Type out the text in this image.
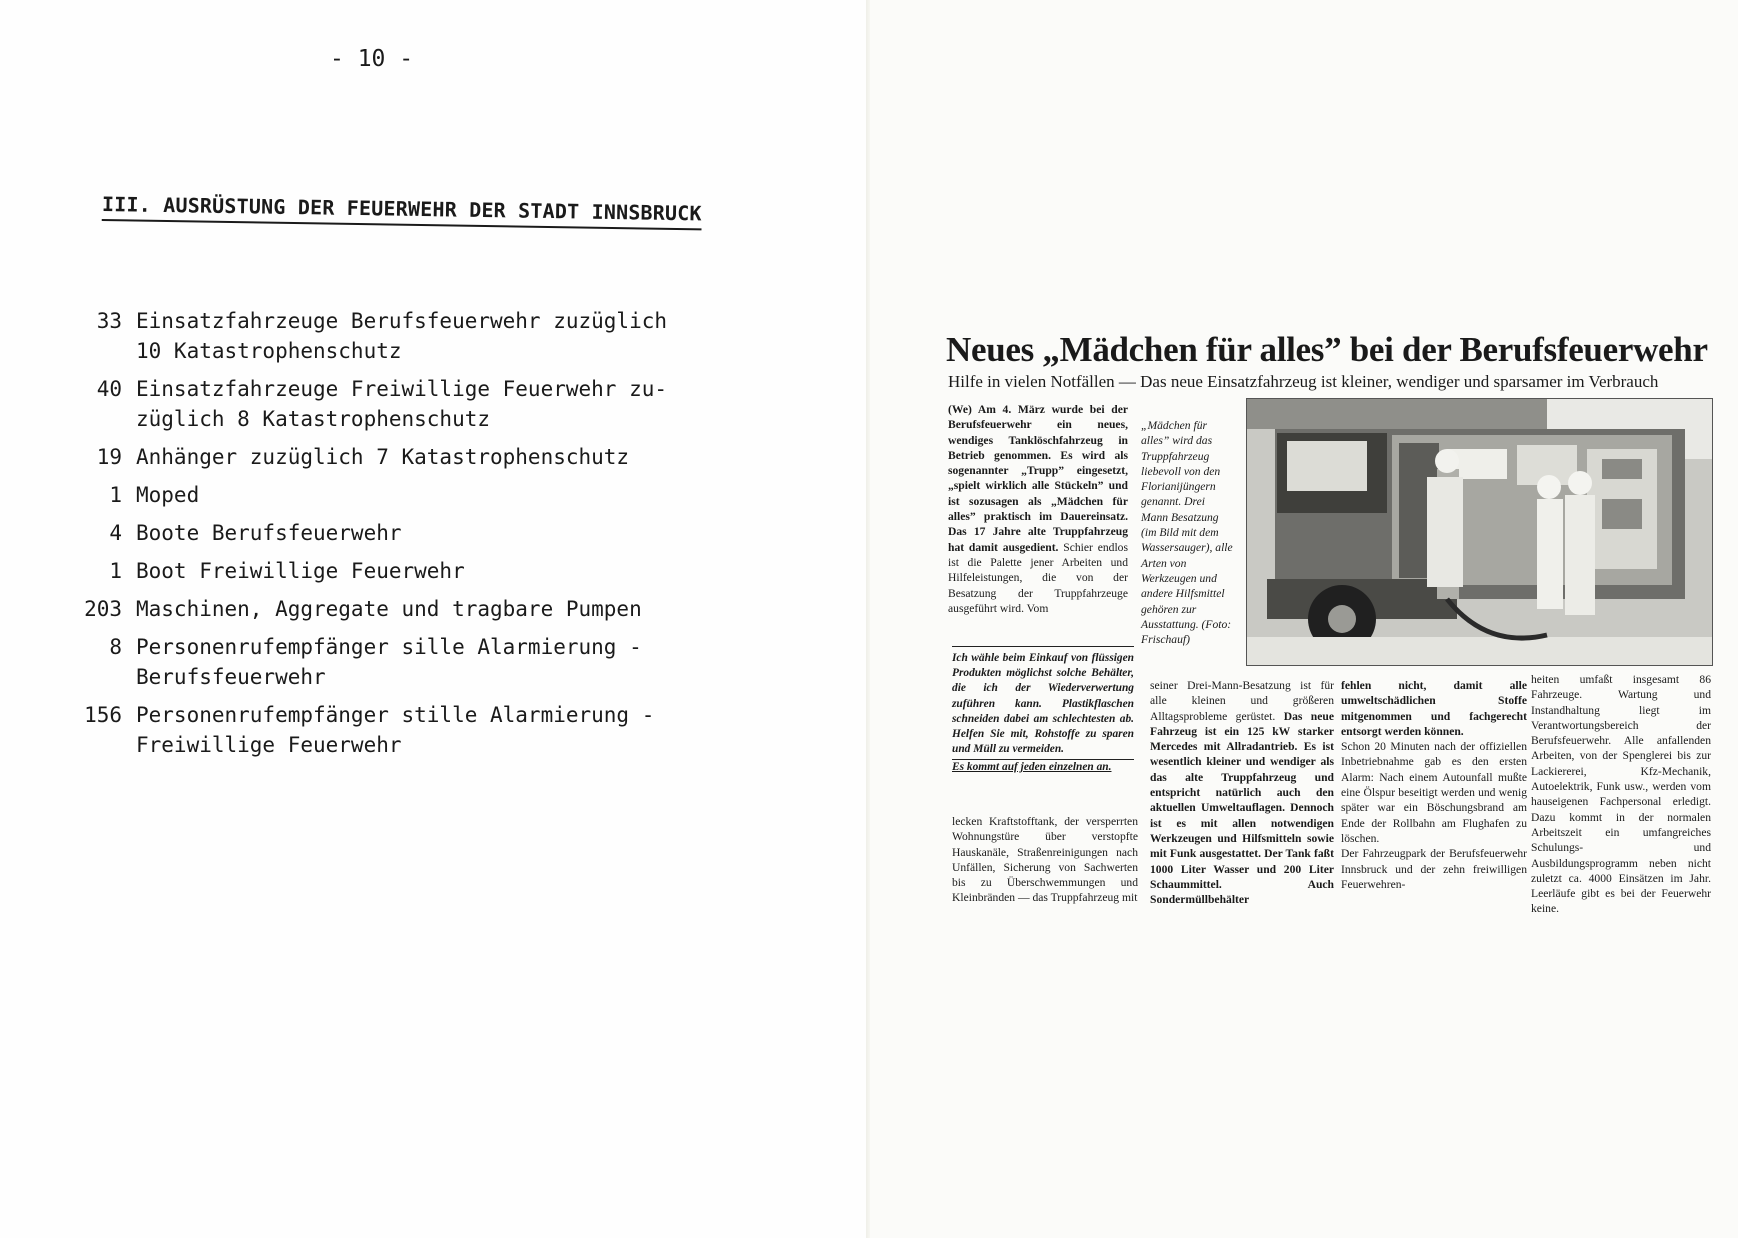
- 10 -
III. AUSRÜSTUNG DER FEUERWEHR DER STADT INNSBRUCK
33 Einsatzfahrzeuge Berufsfeuerwehr zuzüglich
10 Katastrophenschutz
40 Einsatzfahrzeuge Freiwillige Feuerwehr zu-
züglich 8 Katastrophenschutz
19 Anhänger zuzüglich 7 Katastrophenschutz
1 Moped
4 Boote Berufsfeuerwehr
1 Boot Freiwillige Feuerwehr
203 Maschinen, Aggregate und tragbare Pumpen
8 Personenrufempfänger sille Alarmierung -
Berufsfeuerwehr
156 Personenrufempfänger stille Alarmierung -
Freiwillige Feuerwehr
Neues „Mädchen für alles” bei der Berufsfeuerwehr
Hilfe in vielen Notfällen — Das neue Einsatzfahrzeug ist kleiner, wendiger und sparsamer im Verbrauch
(We) Am 4. März wurde bei der Berufsfeuerwehr ein neues, wendiges Tanklöschfahrzeug in Betrieb genommen. Es wird als sogenannter „Trupp” eingesetzt, „spielt wirklich alle Stückeln” und ist sozusagen als „Mädchen für alles” praktisch im Dauereinsatz. Das 17 Jahre alte Truppfahrzeug hat damit ausgedient. Schier endlos ist die Palette jener Arbeiten und Hilfeleistungen, die von der Besatzung der Truppfahrzeuge ausgeführt wird. Vom
„Mädchen für alles” wird das Truppfahrzeug liebevoll von den Florianijüngern genannt. Drei Mann Besatzung (im Bild mit dem Wassersauger), alle Arten von Werkzeugen und andere Hilfsmittel gehören zur Ausstattung. (Foto: Frischauf)
Ich wähle beim Einkauf von flüssigen Produkten möglichst solche Behälter, die ich der Wiederverwertung zuführen kann. Plastikflaschen schneiden dabei am schlechtesten ab. Helfen Sie mit, Rohstoffe zu sparen und Müll zu vermeiden.
Es kommt auf jeden einzelnen an.
lecken Kraftstofftank, der versperrten Wohnungstüre über verstopfte Hauskanäle, Straßenreinigungen nach Unfällen, Sicherung von Sachwerten bis zu Überschwemmungen und Kleinbränden — das Truppfahrzeug mit
seiner Drei-Mann-Besatzung ist für alle kleinen und größeren Alltagsprobleme gerüstet. Das neue Fahrzeug ist ein 125 kW starker Mercedes mit Allradantrieb. Es ist wesentlich kleiner und wendiger als das alte Truppfahrzeug und entspricht natürlich auch den aktuellen Umweltauflagen. Dennoch ist es mit allen notwendigen Werkzeugen und Hilfsmitteln sowie mit Funk ausgestattet. Der Tank faßt 1000 Liter Wasser und 200 Liter Schaummittel. Auch Sondermüllbehälter
fehlen nicht, damit alle umweltschädlichen Stoffe mitgenommen und fachgerecht entsorgt werden können.
Schon 20 Minuten nach der offiziellen Inbetriebnahme gab es den ersten Alarm: Nach einem Autounfall mußte eine Ölspur beseitigt werden und wenig später war ein Böschungsbrand am Ende der Rollbahn am Flughafen zu löschen.
Der Fahrzeugpark der Berufsfeuerwehr Innsbruck und der zehn freiwilligen Feuerwehren-
heiten umfaßt insgesamt 86 Fahrzeuge. Wartung und Instandhaltung liegt im Verantwortungsbereich der Berufsfeuerwehr. Alle anfallenden Arbeiten, von der Spenglerei bis zur Lackiererei, Kfz-Mechanik, Autoelektrik, Funk usw., werden vom hauseigenen Fachpersonal erledigt. Dazu kommt in der normalen Arbeitszeit ein umfangreiches Schulungs- und Ausbildungsprogramm neben nicht zuletzt ca. 4000 Einsätzen im Jahr. Leerläufe gibt es bei der Feuerwehr keine.
